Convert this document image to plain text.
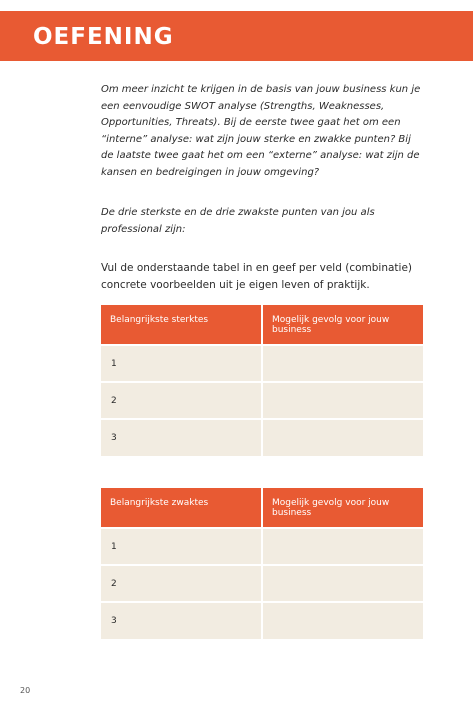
OEFENING

Om meer inzicht te krijgen in de basis van jouw business kun je een eenvoudige SWOT analyse (Strengths, Weaknesses, Opportunities, Threats). Bij de eerste twee gaat het om een “interne” analyse: wat zijn jouw sterke en zwakke punten? Bij de laatste twee gaat het om een “externe” analyse: wat zijn de kansen en bedreigingen in jouw omgeving?

De drie sterkste en de drie zwakste punten van jou als professional zijn:

Vul de onderstaande tabel in en geef per veld (combinatie) concrete voorbeelden uit je eigen leven of praktijk.

Belangrijkste sterktes	Mogelijk gevolg voor jouw business
1	
2	
3	
Belangrijkste zwaktes	Mogelijk gevolg voor jouw business
1	
2	
3	
20
